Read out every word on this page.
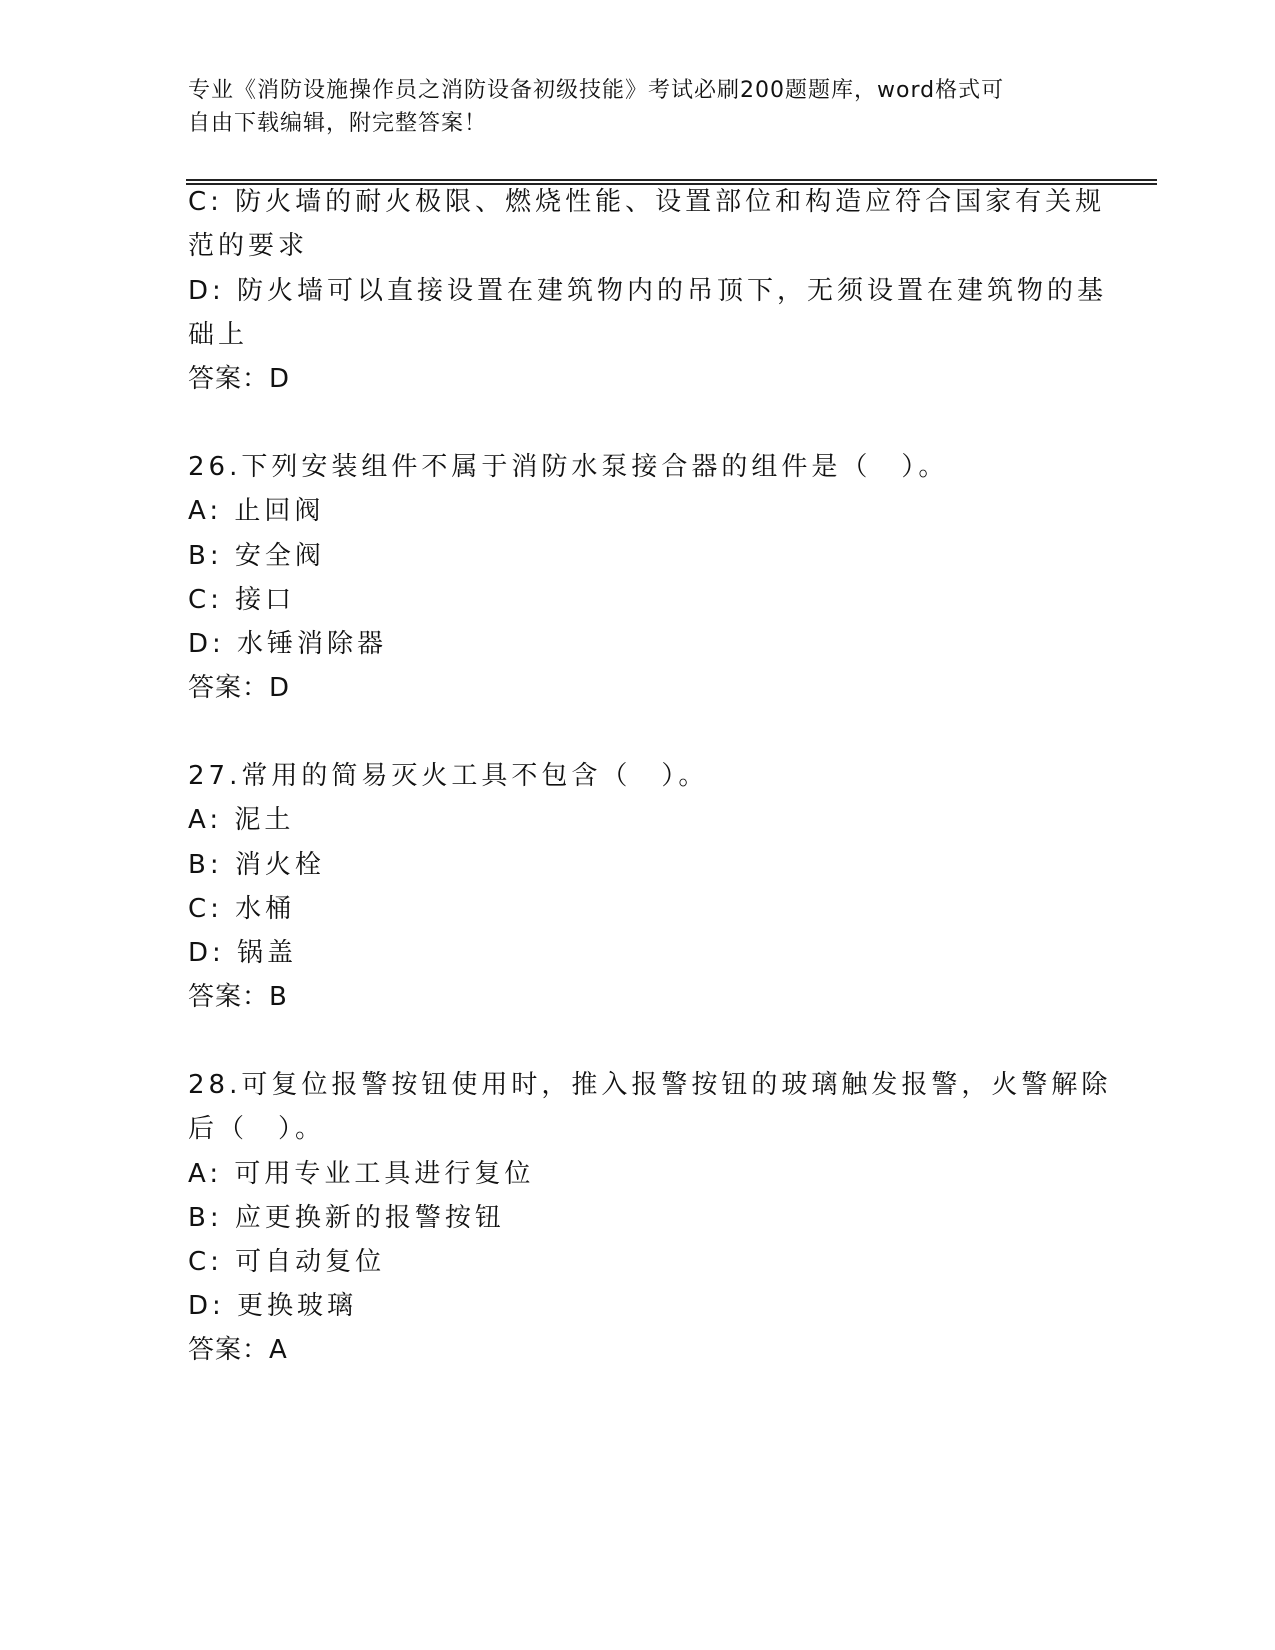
专业《消防设施操作员之消防设备初级技能》考试必刷200题题库，word格式可
自由下载编辑，附完整答案！
C: 防火墙的耐火极限、燃烧性能、设置部位和构造应符合国家有关规
范的要求
D: 防火墙可以直接设置在建筑物内的吊顶下，无须设置在建筑物的基
础上
答案：D
26.下列安装组件不属于消防水泵接合器的组件是（　）。
A: 止回阀
B: 安全阀
C: 接口
D: 水锤消除器
答案：D
27.常用的简易灭火工具不包含（　）。
A: 泥土
B: 消火栓
C: 水桶
D: 锅盖
答案：B
28.可复位报警按钮使用时，推入报警按钮的玻璃触发报警，火警解除
后（　）。
A: 可用专业工具进行复位
B: 应更换新的报警按钮
C: 可自动复位
D: 更换玻璃
答案：A
